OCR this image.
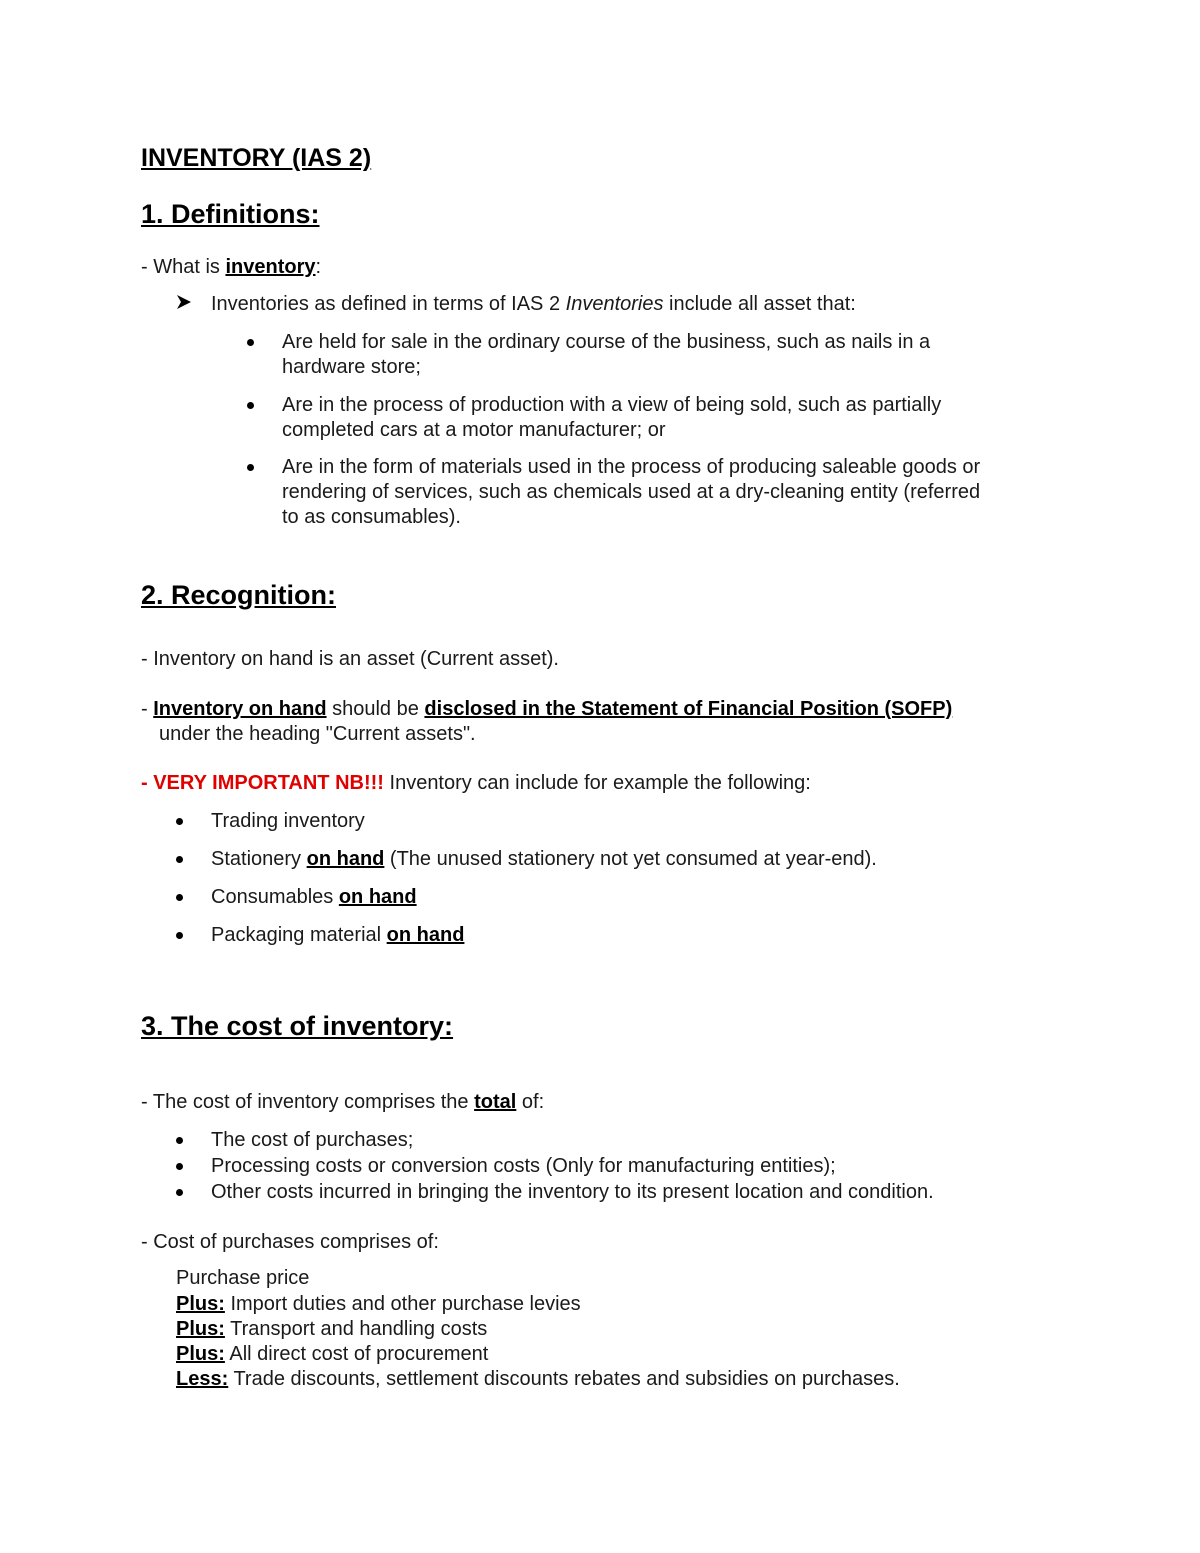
INVENTORY (IAS 2)
1. Definitions:
- What is inventory:
Inventories as defined in terms of IAS 2 Inventories include all asset that:
Are held for sale in the ordinary course of the business, such as nails in a
hardware store;
Are in the process of production with a view of being sold, such as partially
completed cars at a motor manufacturer; or
Are in the form of materials used in the process of producing saleable goods or
rendering of services, such as chemicals used at a dry-cleaning entity (referred
to as consumables).
2. Recognition:
- Inventory on hand is an asset (Current asset).
- Inventory on hand should be disclosed in the Statement of Financial Position (SOFP)
under the heading "Current assets".
- VERY IMPORTANT NB!!! Inventory can include for example the following:
Trading inventory
Stationery on hand (The unused stationery not yet consumed at year-end).
Consumables on hand
Packaging material on hand
3. The cost of inventory:
- The cost of inventory comprises the total of:
The cost of purchases;
Processing costs or conversion costs (Only for manufacturing entities);
Other costs incurred in bringing the inventory to its present location and condition.
- Cost of purchases comprises of:
Purchase price
Plus: Import duties and other purchase levies
Plus: Transport and handling costs
Plus: All direct cost of procurement
Less: Trade discounts, settlement discounts rebates and subsidies on purchases.
